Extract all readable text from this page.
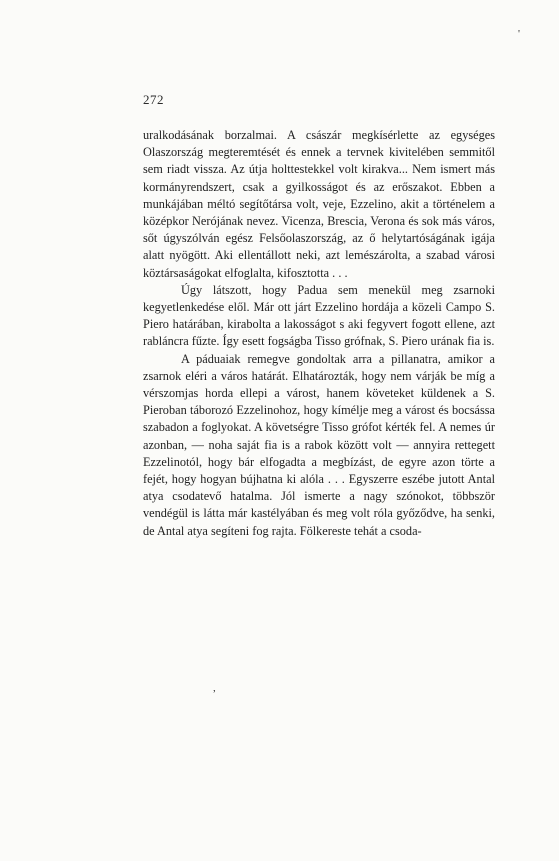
272

uralkodásának borzalmai. A császár megkísérlette az egységes Olaszország megteremtését és ennek a tervnek kivitelében semmitől sem riadt vissza. Az útja holttestekkel volt kirakva... Nem ismert más kormányrendszert, csak a gyilkosságot és az erőszakot. Ebben a munkájában méltó segítőtársa volt, veje, Ezzelino, akit a történelem a középkor Nerójának nevez. Vicenza, Brescia, Verona és sok más város, sőt úgyszólván egész Felsőolaszország, az ő helytartóságának igája alatt nyögött. Aki ellentállott neki, azt lemészárolta, a szabad városi köztársaságokat elfoglalta, kifosztotta . . .

Úgy látszott, hogy Padua sem menekül meg zsarnoki kegyetlenkedése elől. Már ott járt Ezzelino hordája a közeli Campo S. Piero határában, kirabolta a lakosságot s aki fegyvert fogott ellene, azt rabláncra fűzte. Így esett fogságba Tisso grófnak, S. Piero urának fia is.

A páduaiak remegve gondoltak arra a pillanatra, amikor a zsarnok eléri a város határát. Elhatározták, hogy nem várják be míg a vérszomjas horda ellepi a várost, hanem követeket küldenek a S. Pieroban táborozó Ezzelinohoz, hogy kímélje meg a várost és bocsássa szabadon a foglyokat. A követségre Tisso grófot kérték fel. A nemes úr azonban, — noha saját fia is a rabok között volt — annyira rettegett Ezzelinotól, hogy bár elfogadta a megbízást, de egyre azon törte a fejét, hogy hogyan bújhatna ki alóla . . . Egyszerre eszébe jutott Antal atya csodatevő hatalma. Jól ismerte a nagy szónokot, többször vendégül is látta már kastélyában és meg volt róla győződve, ha senki, de Antal atya segíteni fog rajta. Fölkereste tehát a csoda-

'
,
